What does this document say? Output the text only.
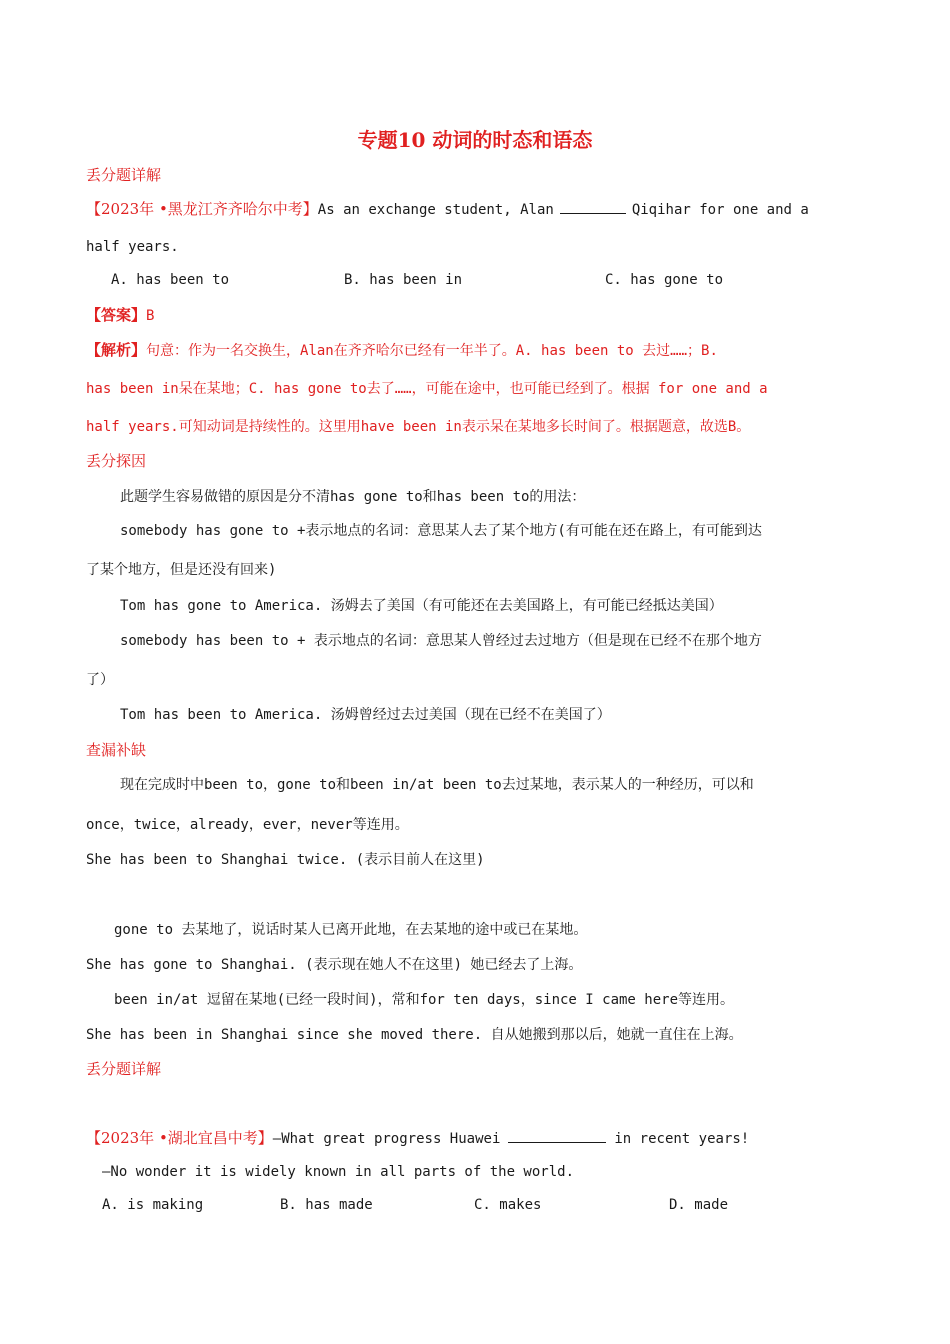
专题10 动词的时态和语态
丢分题详解
【2023年 •黑龙江齐齐哈尔中考】As an exchange student, Alan	Qiqihar for one and a
half years.
A. has been to	B. has been in	C. has gone to
【答案】B
【解析】句意：作为一名交换生，Alan在齐齐哈尔已经有一年半了。A. has been to 去过……；B.
has been in呆在某地；C. has gone to去了……，可能在途中，也可能已经到了。根据 for one and a
half years.可知动词是持续性的。这里用have been in表示呆在某地多长时间了。根据题意，故选B。
丢分探因
此题学生容易做错的原因是分不清has gone to和has been to的用法：
somebody has gone to +表示地点的名词：意思某人去了某个地方(有可能在还在路上，有可能到达
了某个地方，但是还没有回来)
Tom has gone to America. 汤姆去了美国（有可能还在去美国路上，有可能已经抵达美国）
somebody has been to + 表示地点的名词：意思某人曾经过去过地方（但是现在已经不在那个地方
了）
Tom has been to America. 汤姆曾经过去过美国（现在已经不在美国了）
查漏补缺
现在完成时中been to，gone to和been in/at been to去过某地，表示某人的一种经历，可以和
once，twice，already，ever，never等连用。
She has been to Shanghai twice. (表示目前人在这里)
gone to 去某地了，说话时某人已离开此地，在去某地的途中或已在某地。
She has gone to Shanghai. (表示现在她人不在这里) 她已经去了上海。
been in/at 逗留在某地(已经一段时间)，常和for ten days，since I came here等连用。
She has been in Shanghai since she moved there. 自从她搬到那以后，她就一直住在上海。
丢分题详解
【2023年 •湖北宜昌中考】—What great progress Huawei	in recent years!
—No wonder it is widely known in all parts of the world.
A. is making	B. has made	C. makes	D. made
